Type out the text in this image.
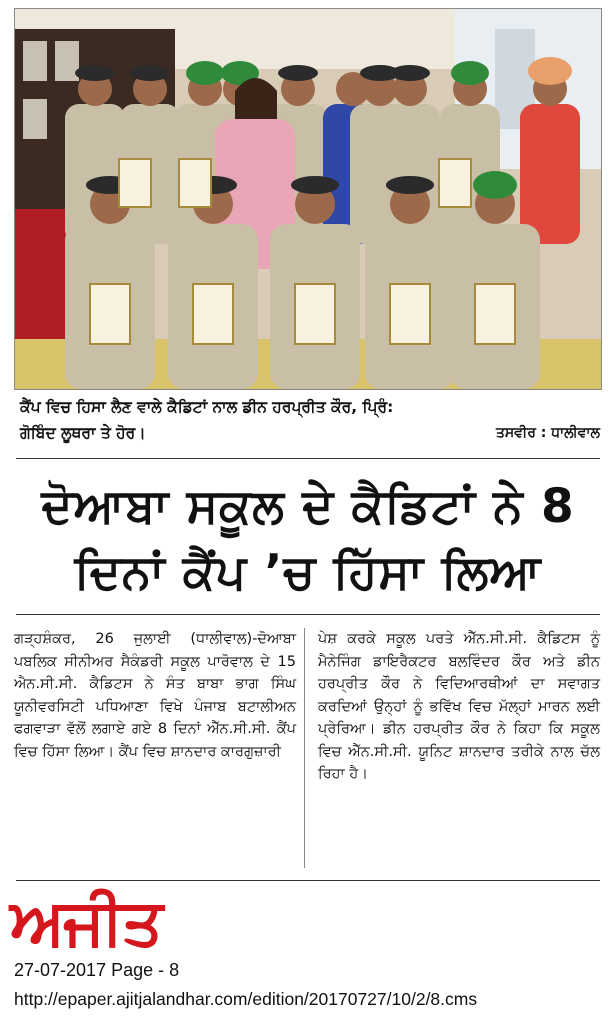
ਕੈਂਪ ਵਿਚ ਹਿਸਾ ਲੈਣ ਵਾਲੇ ਕੈਡਿਟਾਂ ਨਾਲ ਡੀਨ ਹਰਪ੍ਰੀਤ ਕੌਰ, ਪ੍ਰਿੰ:
ਗੋਬਿੰਦ ਲੂਥਰਾ ਤੇ ਹੋਰ।	ਤਸਵੀਰ : ਧਾਲੀਵਾਲ
ਦੋਆਬਾ ਸਕੂਲ ਦੇ ਕੈਡਿਟਾਂ ਨੇ 8
ਦਿਨਾਂ ਕੈਂਪ ’ਚ ਹਿੱਸਾ ਲਿਆ
ਗੜ੍ਹਸ਼ੰਕਰ, 26 ਜੁਲਾਈ (ਧਾਲੀਵਾਲ)-ਦੋਆਬਾ ਪਬਲਿਕ ਸੀਨੀਅਰ ਸੈਕੰਡਰੀ ਸਕੂਲ ਪਾਰੋਵਾਲ ਦੇ 15 ਐਨ.ਸੀ.ਸੀ. ਕੈਡਿਟਸ ਨੇ ਸੰਤ ਬਾਬਾ ਭਾਗ ਸਿੰਘ ਯੂਨੀਵਰਸਿਟੀ ਪਧਿਆਣਾ ਵਿਖੇ ਪੰਜਾਬ ਬਟਾਲੀਅਨ ਫਗਵਾੜਾ ਵੱਲੋਂ ਲਗਾਏ ਗਏ 8 ਦਿਨਾਂ ਐੱਨ.ਸੀ.ਸੀ. ਕੈਂਪ ਵਿਚ ਹਿੱਸਾ ਲਿਆ। ਕੈਂਪ ਵਿਚ ਸ਼ਾਨਦਾਰ ਕਾਰਗੁਜ਼ਾਰੀ
ਪੇਸ਼ ਕਰਕੇ ਸਕੂਲ ਪਰਤੇ ਐੱਨ.ਸੀ.ਸੀ. ਕੈਡਿਟਸ ਨੂੰ ਮੈਨੇਜਿੰਗ ਡਾਇਰੈਕਟਰ ਬਲਵਿੰਦਰ ਕੌਰ ਅਤੇ ਡੀਨ ਹਰਪ੍ਰੀਤ ਕੌਰ ਨੇ ਵਿਦਿਆਰਥੀਆਂ ਦਾ ਸਵਾਗਤ ਕਰਦਿਆਂ ਉਨ੍ਹਾਂ ਨੂੰ ਭਵਿੱਖ ਵਿਚ ਮੱਲ੍ਹਾਂ ਮਾਰਨ ਲਈ ਪ੍ਰੇਰਿਆ। ਡੀਨ ਹਰਪ੍ਰੀਤ ਕੌਰ ਨੇ ਕਿਹਾ ਕਿ ਸਕੂਲ ਵਿਚ ਐੱਨ.ਸੀ.ਸੀ. ਯੂਨਿਟ ਸ਼ਾਨਦਾਰ ਤਰੀਕੇ ਨਾਲ ਚੱਲ ਰਿਹਾ ਹੈ।
ਅਜੀਤ
27-07-2017 Page - 8
http://epaper.ajitjalandhar.com/edition/20170727/10/2/8.cms
